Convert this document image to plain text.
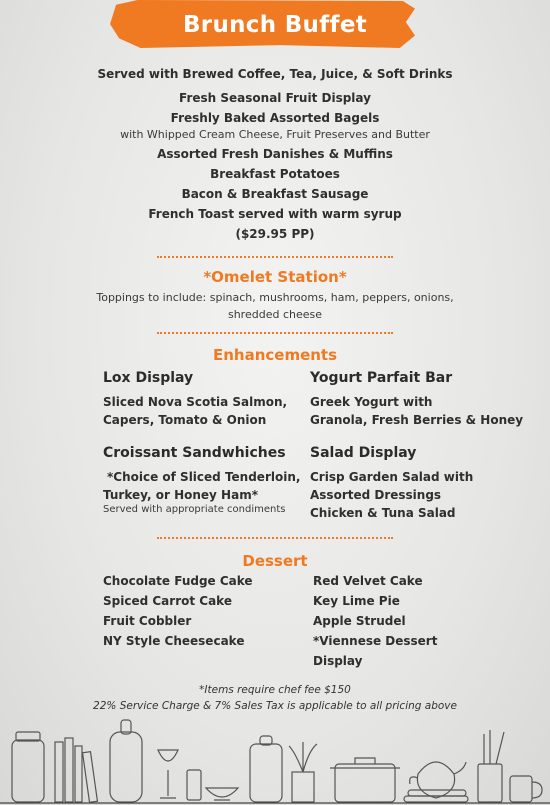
Brunch Buffet
Served with Brewed Coffee, Tea, Juice, & Soft Drinks
Fresh Seasonal Fruit Display
Freshly Baked Assorted Bagels
with Whipped Cream Cheese, Fruit Preserves and Butter
Assorted Fresh Danishes & Muffins
Breakfast Potatoes
Bacon & Breakfast Sausage
French Toast served with warm syrup
($29.95 PP)
*Omelet Station*
Toppings to include: spinach, mushrooms, ham, peppers, onions,
shredded cheese
Enhancements
Lox Display
Sliced Nova Scotia Salmon,
Capers, Tomato & Onion
Yogurt Parfait Bar
Greek Yogurt with
Granola, Fresh Berries & Honey
Croissant Sandwhiches
*Choice of Sliced Tenderloin,
Turkey, or Honey Ham*
Served with appropriate condiments
Salad Display
Crisp Garden Salad with
Assorted Dressings
Chicken & Tuna Salad
Dessert
Chocolate Fudge Cake
Spiced Carrot Cake
Fruit Cobbler
NY Style Cheesecake
Red Velvet Cake
Key Lime Pie
Apple Strudel
*Viennese Dessert
Display
*Items require chef fee $150
22% Service Charge & 7% Sales Tax is applicable to all pricing above
